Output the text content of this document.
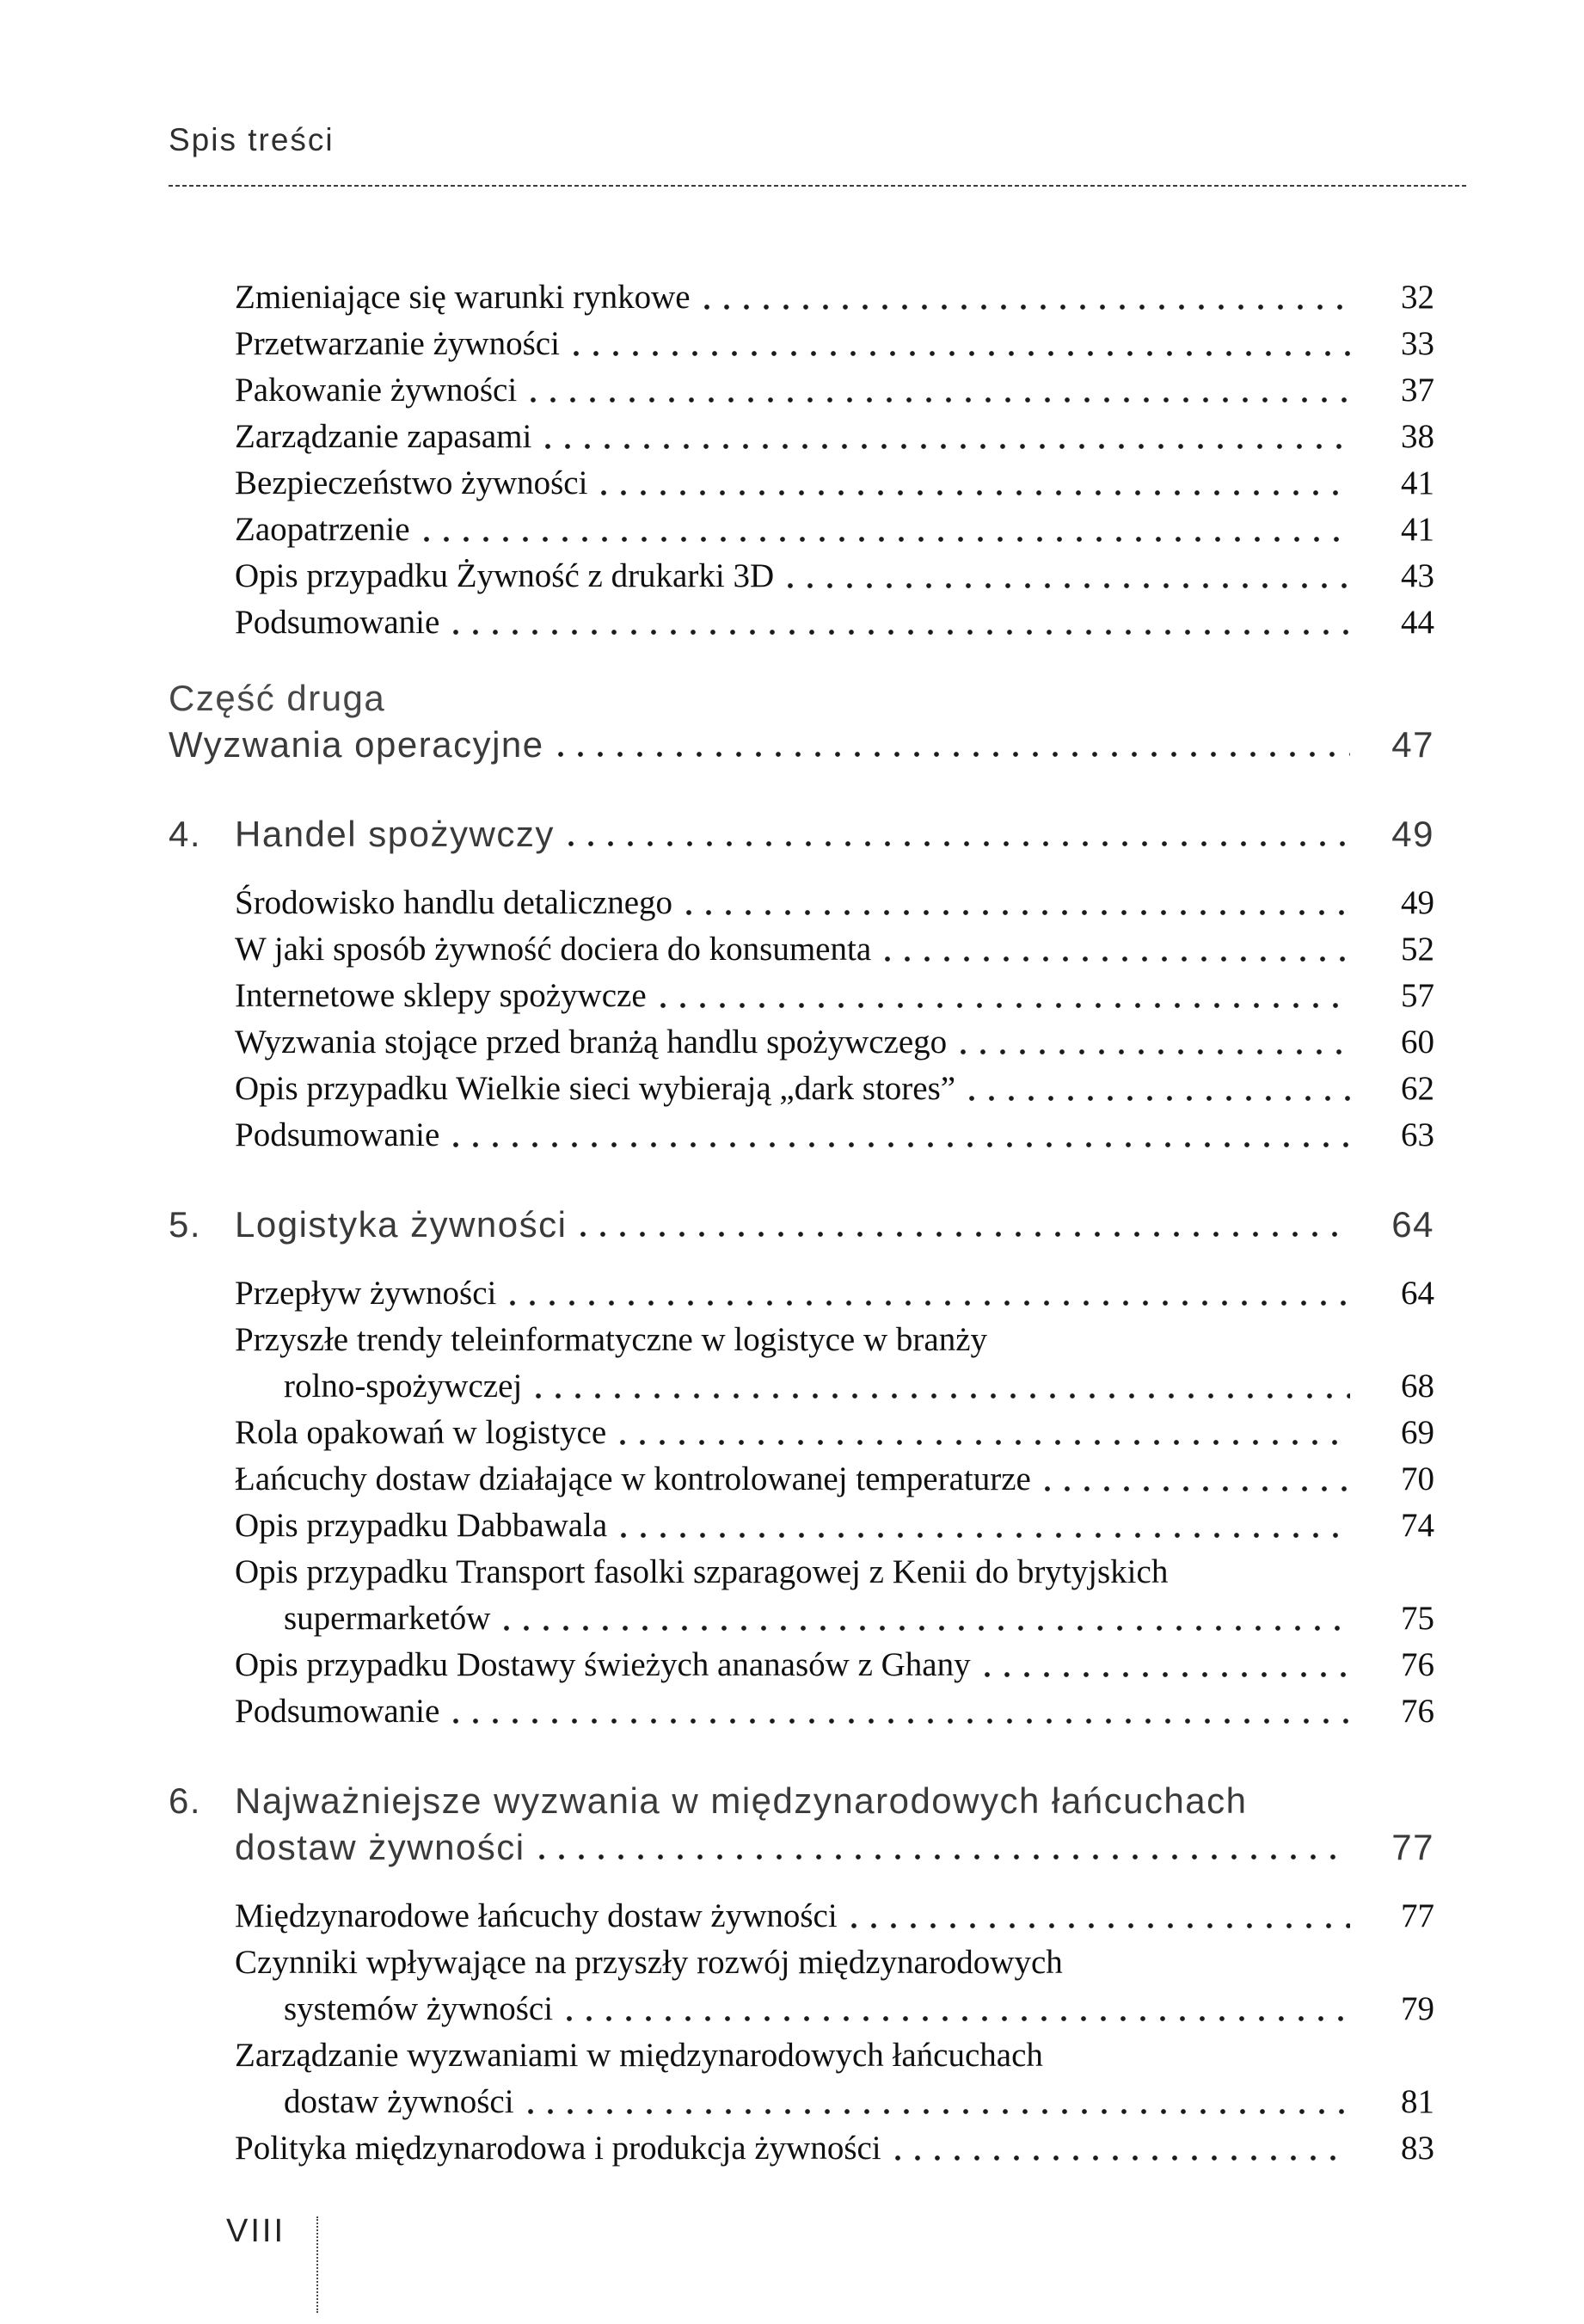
Spis treści
Zmieniające się warunki rynkowe	32
Przetwarzanie żywności	33
Pakowanie żywności	37
Zarządzanie zapasami	38
Bezpieczeństwo żywności	41
Zaopatrzenie	41
Opis przypadku Żywność z drukarki 3D	43
Podsumowanie	44
Część druga
Wyzwania operacyjne	47
4. Handel spożywczy	49
Środowisko handlu detalicznego	49
W jaki sposób żywność dociera do konsumenta	52
Internetowe sklepy spożywcze	57
Wyzwania stojące przed branżą handlu spożywczego	60
Opis przypadku Wielkie sieci wybierają „dark stores”	62
Podsumowanie	63
5. Logistyka żywności	64
Przepływ żywności	64
Przyszłe trendy teleinformatyczne w logistyce w branży
rolno-spożywczej	68
Rola opakowań w logistyce	69
Łańcuchy dostaw działające w kontrolowanej temperaturze	70
Opis przypadku Dabbawala	74
Opis przypadku Transport fasolki szparagowej z Kenii do brytyjskich
supermarketów	75
Opis przypadku Dostawy świeżych ananasów z Ghany	76
Podsumowanie	76
6. Najważniejsze wyzwania w międzynarodowych łańcuchach
dostaw żywności	77
Międzynarodowe łańcuchy dostaw żywności	77
Czynniki wpływające na przyszły rozwój międzynarodowych
systemów żywności	79
Zarządzanie wyzwaniami w międzynarodowych łańcuchach
dostaw żywności	81
Polityka międzynarodowa i produkcja żywności	83
VIII
